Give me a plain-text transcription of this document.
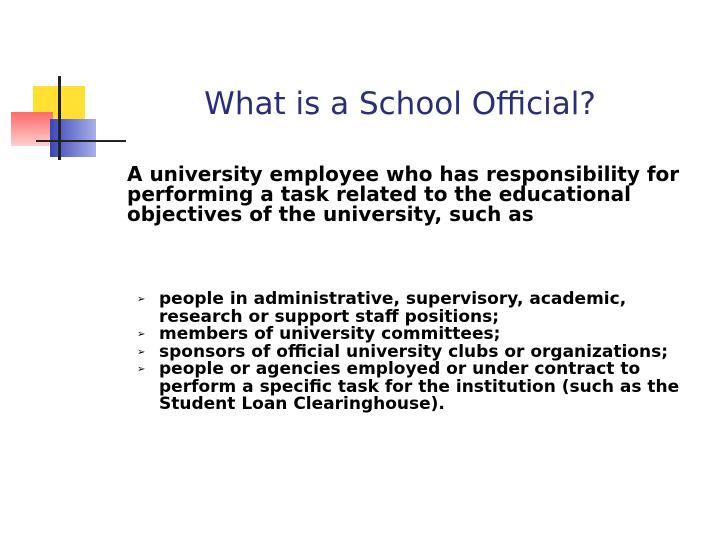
What is a School Official?
A university employee who has responsibility for performing a task related to the educational objectives of the university, such as
➢ people in administrative, supervisory, academic, research or support staff positions;
➢ members of university committees;
➢ sponsors of official university clubs or organizations;
➢ people or agencies employed or under contract to perform a specific task for the institution (such as the Student Loan Clearinghouse).
